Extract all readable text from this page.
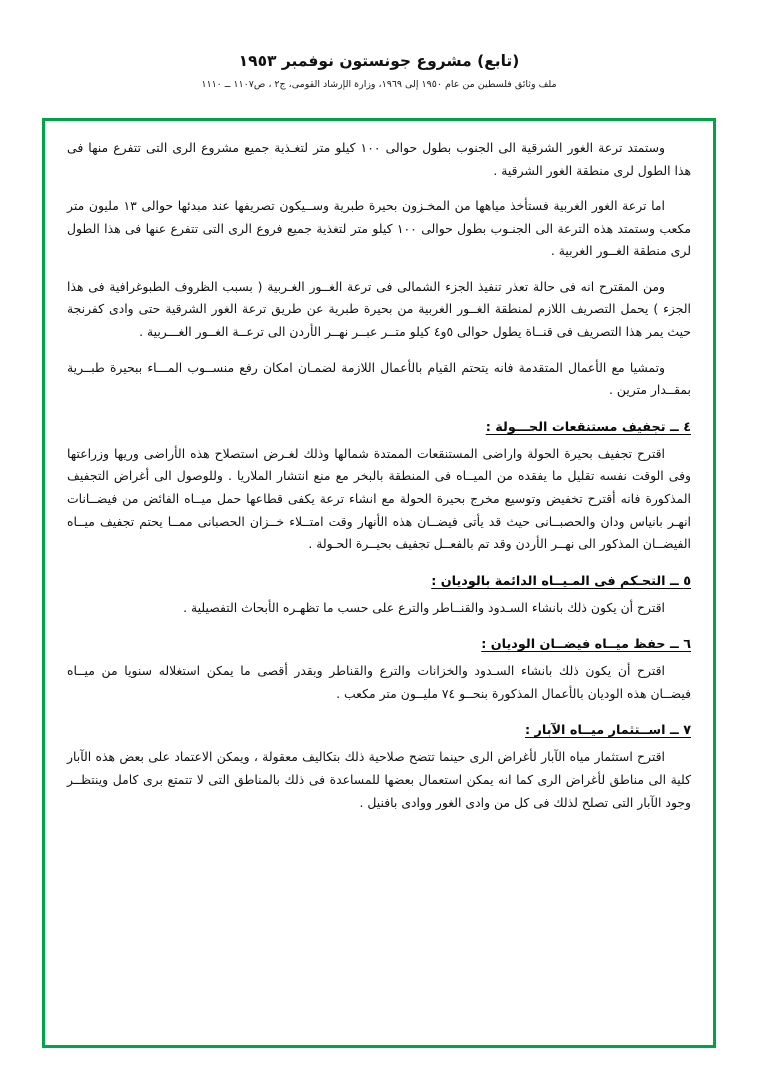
(تابع) مشروع جونستون نوفمبر ١٩٥٣
ملف وثائق فلسطين من عام ١٩٥٠ إلى ١٩٦٩، وزارة الإرشاد القومى، ج٢ ، ص١١٠٧ ــ ١١١٠

وستمتد ترعة الغور الشرقية الى الجنوب بطول حوالى ١٠٠ كيلو متر لتغـذية جميع مشروع الرى التى تتفرع منها فى هذا الطول لرى منطقة الغور الشرقية .

اما ترعة الغور الغربية فستأخذ مياهها من المخـزون بحيرة طبرية وســيكون تصريفها عند مبدئها حوالى ١٣ مليون متر مكعب وستمتد هذه الترعة الى الجنـوب بطول حوالى ١٠٠ كيلو متر لتغذية جميع فروع الرى التى تتفرع عنها فى هذا الطول لرى منطقة الغــور الغربية .

ومن المقترح انه فى حالة تعذر تنفيذ الجزء الشمالى فى ترعة الغــور الغـربية ( بسبب الظروف الطبوغرافية فى هذا الجزء ) يحمل التصريف اللازم لمنطقة الغــور الغربية من بحيرة طبرية عن طريق ترعة الغور الشرقية حتى وادى كفرنجة حيث يمر هذا التصريف فى قنــاة يطول حوالى ٥و٤ كيلو متــر عبــر نهــر الأردن الى ترعــة الغــور الغـــربية .

وتمشيا مع الأعمال المتقدمة فانه يتحتم القيام بالأعمال اللازمة لضمـان امكان رفع منســوب المـــاء ببحيرة طبــرية بمقــدار مترين .

٤ ــ تجفيف مستنقعات الحـــولة :

اقترح تجفيف بحيرة الحولة واراضى المستنقعات الممتدة شمالها وذلك لغـرض استصلاح هذه الأراضى وريها وزراعتها وفى الوقت نفسه تقليل ما يفقده من الميــاه فى المنطقة بالبخر مع منع انتشار الملاريا . وللوصول الى أغراض التجفيف المذكورة فانه أقترح تخفيض وتوسيع مخرج بحيرة الحولة مع انشاء ترعة يكفى قطاعها حمل ميــاه الفائض من فيضــانات انهـر بانياس ودان والحصبــانى حيث قد يأتى فيضــان هذه الأنهار وقت امتــلاء خــزان الحصبانى ممــا يحتم تجفيف ميــاه الفيضــان المذكور الى نهــر الأردن وقد تم بالفعــل تجفيف بحيــرة الحـولة .

٥ ــ التحـكم فى المـيــاه الدائمة بالوديان :

اقترح أن يكون ذلك بانشاء السـدود والقنــاطر والترع على حسب ما تظهـره الأبحاث التفصيلية .

٦ ــ حفظ ميــاه فيضــان الوديان :

اقترح أن يكون ذلك بانشاء السـدود والخزانات والترع والقناطر وبقدر أقصى ما يمكن استغلاله سنويا من ميــاه فيضــان هذه الوديان بالأعمال المذكورة بنحــو ٧٤ مليــون متر مكعب .

٧ ــ اســتثمار ميــاه الآبار :

اقترح استثمار مياه الآبار لأغراض الرى حينما تتضح صلاحية ذلك بتكاليف معقولة ، ويمكن الاعتماد على بعض هذه الآبار كلية الى مناطق لأغراض الرى كما انه يمكن استعمال بعضها للمساعدة فى ذلك بالمناطق التى لا تتمتع برى كامل وينتظــر وجود الآبار التى تصلح لذلك فى كل من وادى الغور ووادى بافنيل .
